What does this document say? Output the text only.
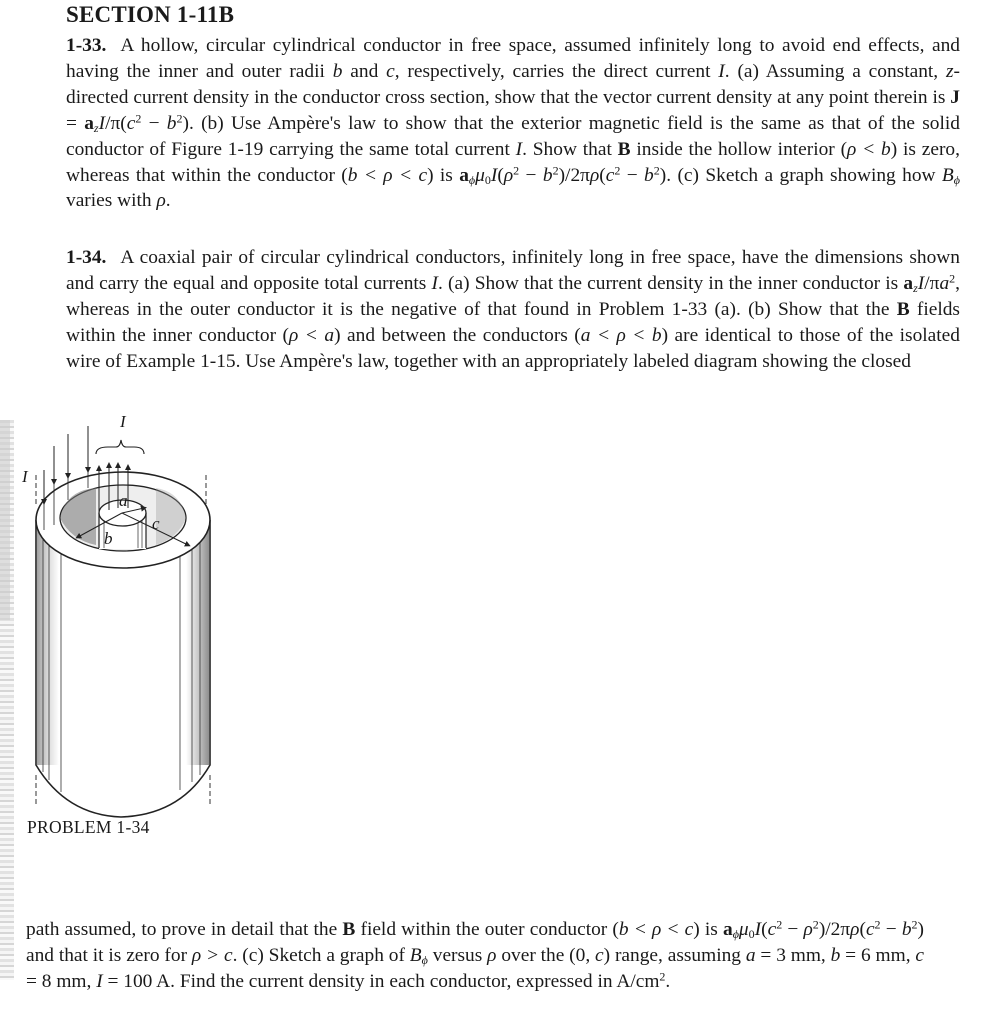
SECTION 1-11B
1-33. A hollow, circular cylindrical conductor in free space, assumed infinitely long to avoid end effects, and having the inner and outer radii b and c, respectively, carries the direct current I. (a) Assuming a constant, z-directed current density in the conductor cross section, show that the vector current density at any point therein is $J = a_zI/\pi(c^2 - b^2)$. (b) Use Ampère's law to show that the exterior magnetic field is the same as that of the solid conductor of Figure 1-19 carrying the same total current I. Show that B inside the hollow interior (ρ < b) is zero, whereas that within the conductor (b < ρ < c) is $a_\phi\mu_0I(\rho^2 - b^2)/2\pi\rho(c^2 - b^2)$. (c) Sketch a graph showing how $B_\phi$ varies with ρ.
1-34. A coaxial pair of circular cylindrical conductors, infinitely long in free space, have the dimensions shown and carry the equal and opposite total currents I. (a) Show that the current density in the inner conductor is $a_zI/\pi a^2$, whereas in the outer conductor it is the negative of that found in Problem 1-33 (a). (b) Show that the B fields within the inner conductor (ρ < a) and between the conductors (a < ρ < b) are identical to those of the isolated wire of Example 1-15. Use Ampère's law, together with an appropriately labeled diagram showing the closed
I
I
a
b
c
PROBLEM 1-34
path assumed, to prove in detail that the B field within the outer conductor (b < ρ < c) is $a_\phi\mu_0I(c^2 - \rho^2)/2\pi\rho(c^2 - b^2)$ and that it is zero for ρ > c. (c) Sketch a graph of $B_\phi$ versus ρ over the (0, c) range, assuming a = 3 mm, b = 6 mm, c = 8 mm, I = 100 A. Find the current density in each conductor, expressed in $A/cm^2$.
